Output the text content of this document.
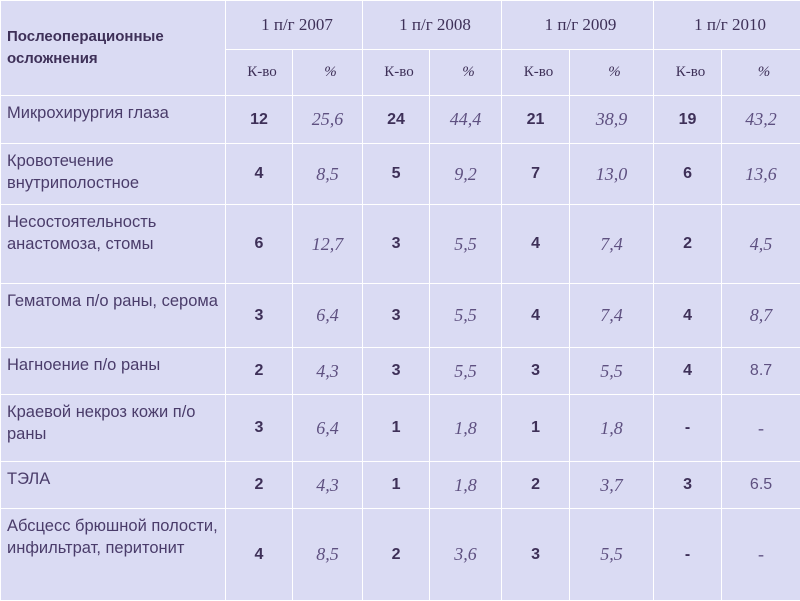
Послеоперационные осложнения	1 п/г 2007		1 п/г 2008		1 п/г 2009		1 п/г 2010	
	К-во	%	К-во	%	К-во	%	К-во	%
Микрохирургия глаза	12	25,6	24	44,4	21	38,9	19	43,2
Кровотечение внутриполостное	4	8,5	5	9,2	7	13,0	6	13,6
Несостоятельность анастомоза, стомы	6	12,7	3	5,5	4	7,4	2	4,5
Гематома п/о раны, серома	3	6,4	3	5,5	4	7,4	4	8,7
Нагноение п/о раны	2	4,3	3	5,5	3	5,5	4	8.7
Краевой некроз кожи п/о раны	3	6,4	1	1,8	1	1,8	-	-
ТЭЛА	2	4,3	1	1,8	2	3,7	3	6.5
Абсцесс брюшной полости, инфильтрат, перитонит	4	8,5	2	3,6	3	5,5	-	-
